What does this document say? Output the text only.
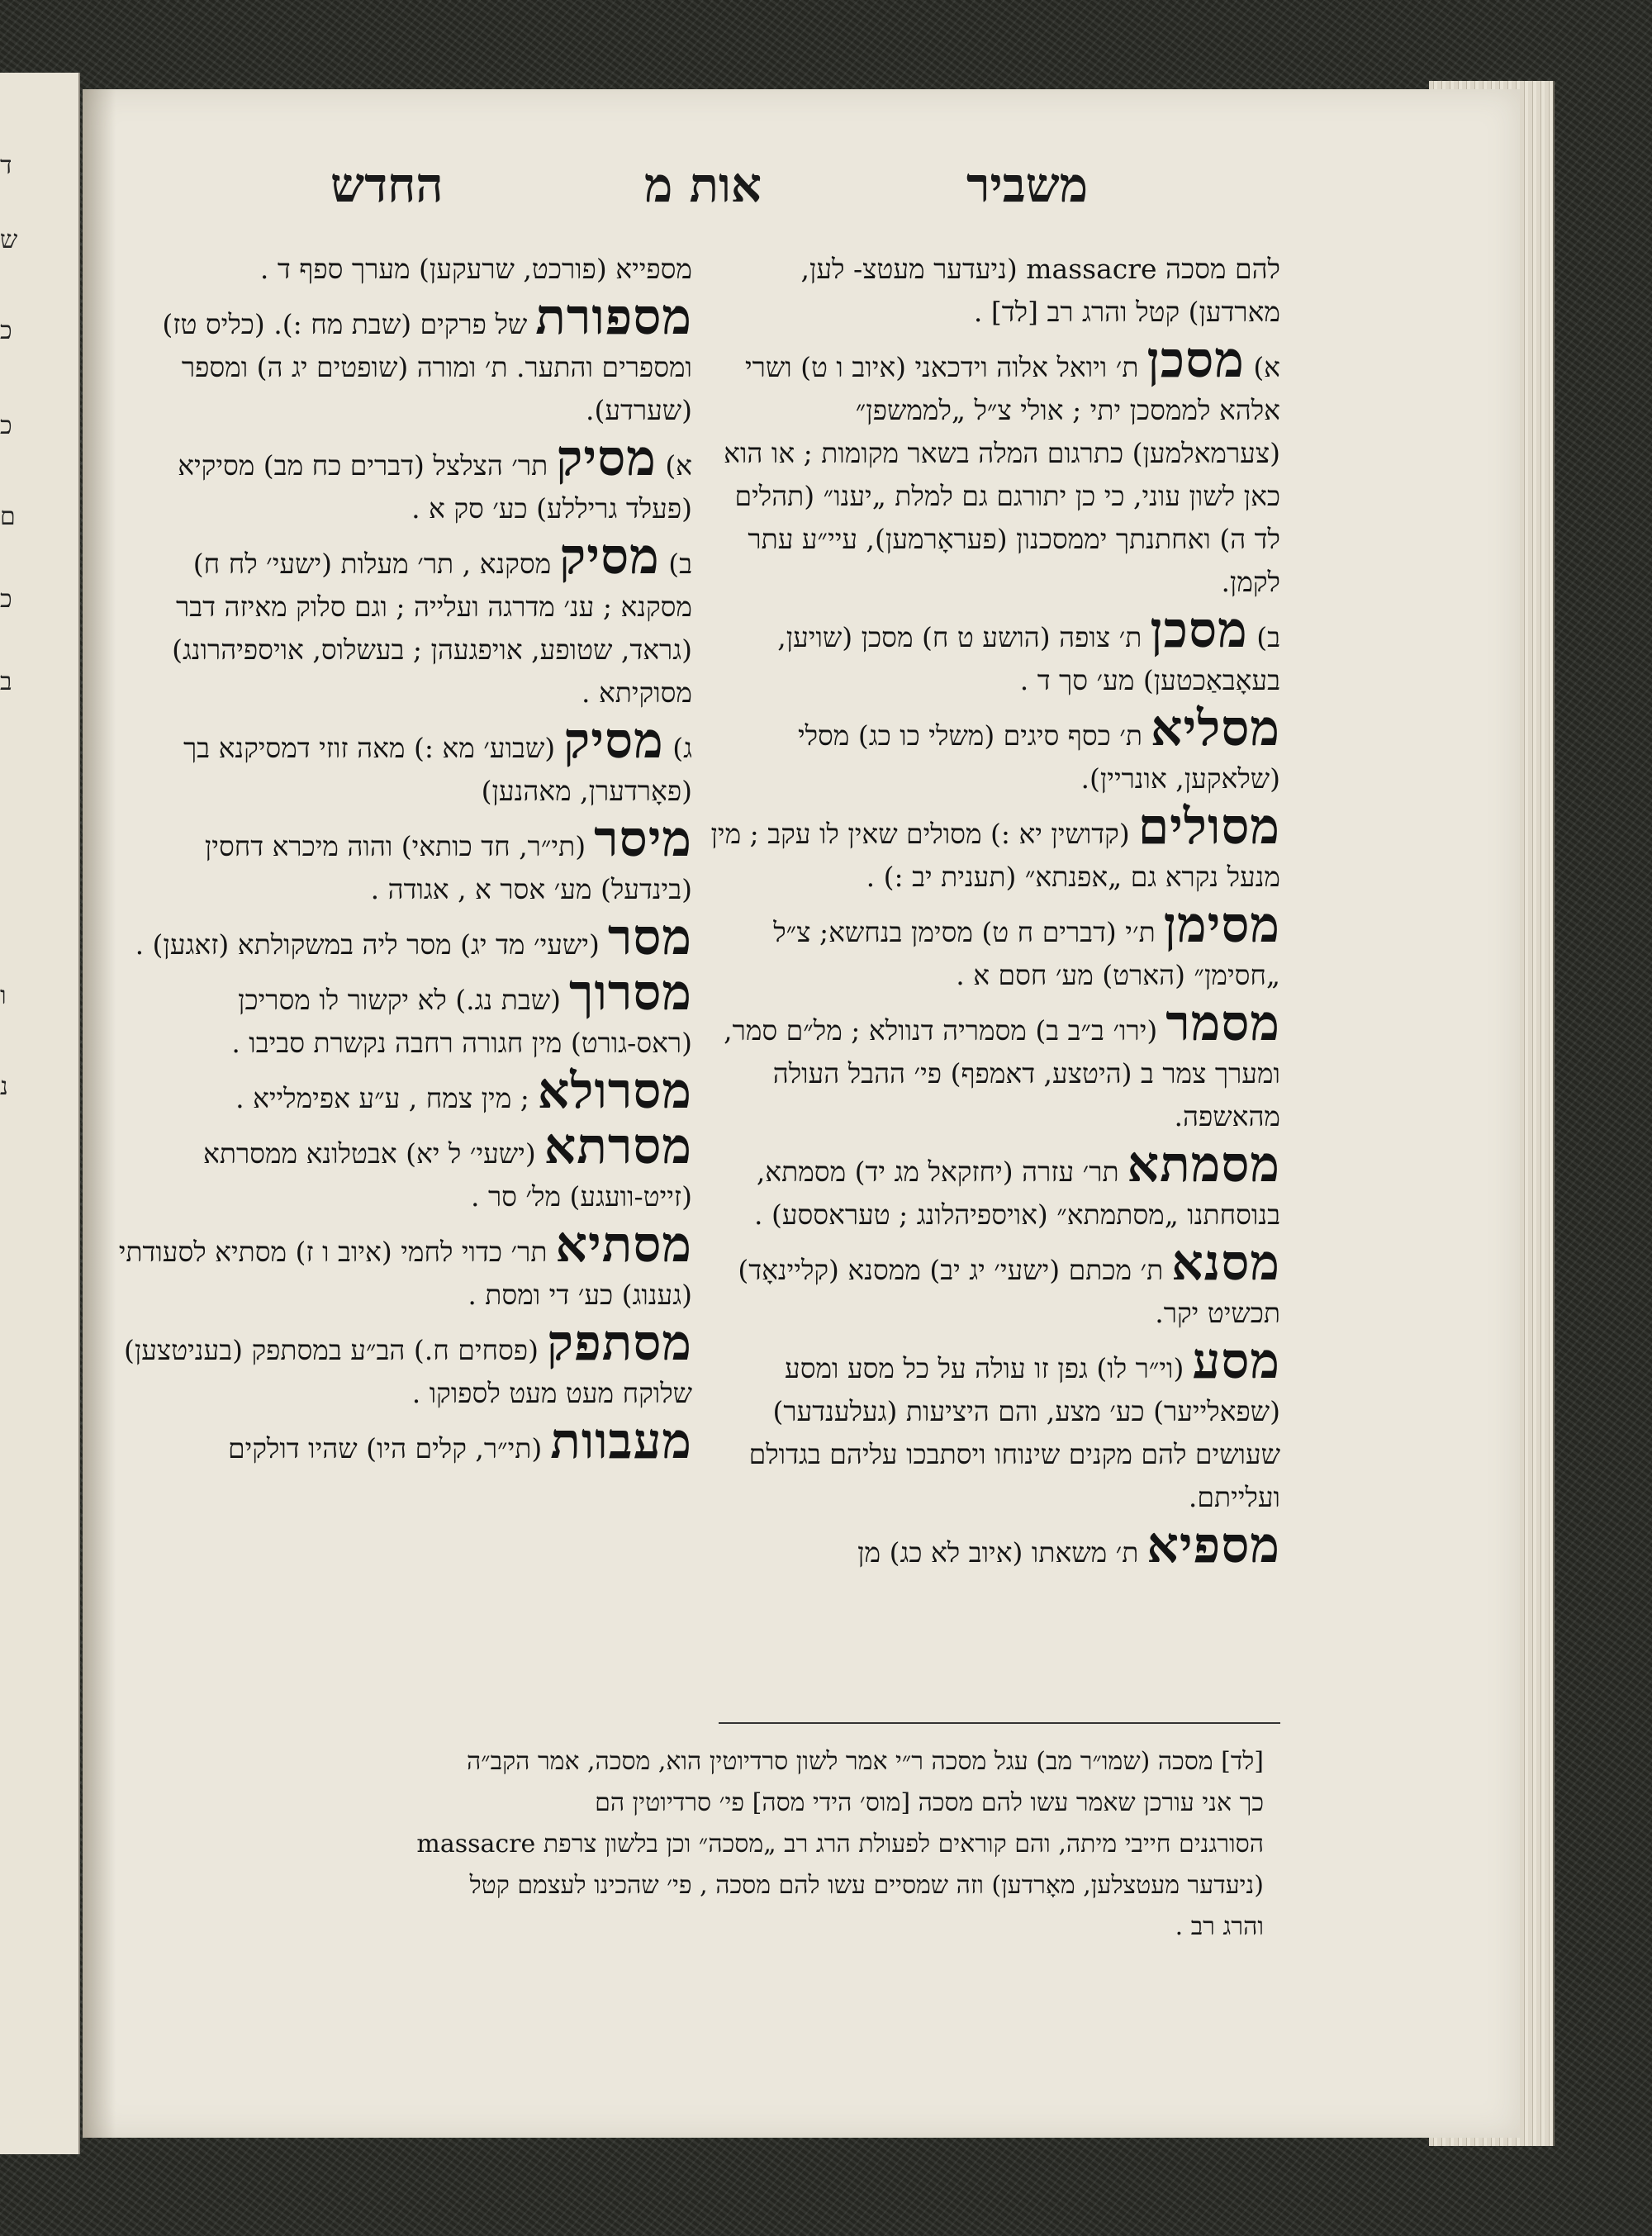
ד
ש
כ
כ
ם
כ
ב
ו
נ
משביר
אות מ
החדש
להם מסכה massacre (ניעדער מעטצ- לען, מארדען) קטל והרג רב [לד] .
א) מסכןת׳ ויואל אלוה וידכאני (איוב ו ט) ושרי אלהא לממסכן יתי ; אולי צ״ל „לממשפן״ (צערמאלמען) כתרגום המלה בשאר מקומות ; או הוא כאן לשון עוני, כי כן יתורגם גם למלת „יענו״ (תהלים לד ה) ואחתנתך יממסכנון (פעראָרמען), עיי״ע עתר לקמן.
ב) מסכןת׳ צופה (הושע ט ח) מסכן (שויען, בעאָבאַכטען) מע׳ סך ד .
מסליאת׳ כסף סיגים (משלי כו כג) מסלי (שלאקען, אונריין).
מסולים(קדושין יא :) מסולים שאין לו עקב ; מין מנעל נקרא גם „אפנתא״ (תענית יב :) .
מסימןת׳י (דברים ח ט) מסימן בנחשא; צ״ל „חסימן״ (הארט) מע׳ חסם א .
מסמר(ירו׳ ב״ב ב) מסמריה דנוולא ; מל״ם סמר, ומערך צמר ב (היטצע, דאמפף) פי׳ ההבל העולה מהאשפה.
מסמתאתר׳ עזרה (יחזקאל מג יד) מסמתא, בנוסחתנו „מסתמתא״ (אויספיהלונג ; טעראססע) .
מסנאת׳ מכתם (ישעי׳ יג יב) ממסנא (קליינאָד) תכשיט יקר.
מסע(וי״ר לו) גפן זו עולה על כל מסע ומסע (שפאלייער) כע׳ מצע, והם היציעות (געלענדער) שעושים להם מקנים שינוחו ויסתבכו עליהם בגדולם ועלייתם.
מספיאת׳ משאתו (איוב לא כג) מן
מספייא (פורכט, שרעקען) מערך ספף ד .
מספורתשל פרקים (שבת מח :). (כליס טז) ומספרים והתער. ת׳ ומורה (שופטים יג ה) ומספר (שערדע).
א) מסיקתר׳ הצלצל (דברים כח מב) מסיקיא (פעלד גריללע) כע׳ סק א .
ב) מסיקמסקנא , תר׳ מעלות (ישעי׳ לח ח) מסקנא ; ענ׳ מדרגה ועלייה ; וגם סלוק מאיזה דבר (גראד, שטופע, אויפגעהן ; בעשלוס, אויספיהרונג) מסוקיתא .
ג) מסיק(שבוע׳ מא :) מאה זוזי דמסיקנא בך (פאָרדערן, מאהנען)
מיסר(תי״ר, חד כותאי) והוה מיכרא דחסין (בינדעל) מע׳ אסר א , אגודה .
מסר(ישעי׳ מד יג) מסר ליה במשקולתא (זאגען) .
מסרוך(שבת נג.) לא יקשור לו מסריכן (ראס-גורט) מין חגורה רחבה נקשרת סביבו .
מסרולא; מין צמח , ע״ע אפימלייא .
מסרתא(ישעי׳ ל יא) אבטלונא ממסרתא (זייט-וועגע) מל׳ סר .
מסתיאתר׳ כדוי לחמי (איוב ו ז) מסתיא לסעודתי (גענוג) כע׳ די ומסת .
מסתפק(פסחים ח.) הב״ע במסתפק (בעניטצען) שלוקח מעט מעט לספוקו .
מעבוות(תי״ר, קלים היו) שהיו דולקים
[לד] מסכה (שמו״ר מב) עגל מסכה ר״י אמר לשון סרדיוטין הוא, מסכה, אמר הקב״ה
כך אני עורכן שאמר עשו להם מסכה [מוס׳ הידי מסה] פי׳ סרדיוטין הם
הסורגנים חייבי מיתה, והם קוראים לפעולת הרג רב „מסכה״ וכן בלשון צרפת massacre
(ניעדער מעטצלען, מאָרדען) וזה שמסיים עשו להם מסכה , פי׳ שהכינו לעצמם קטל
והרג רב .
